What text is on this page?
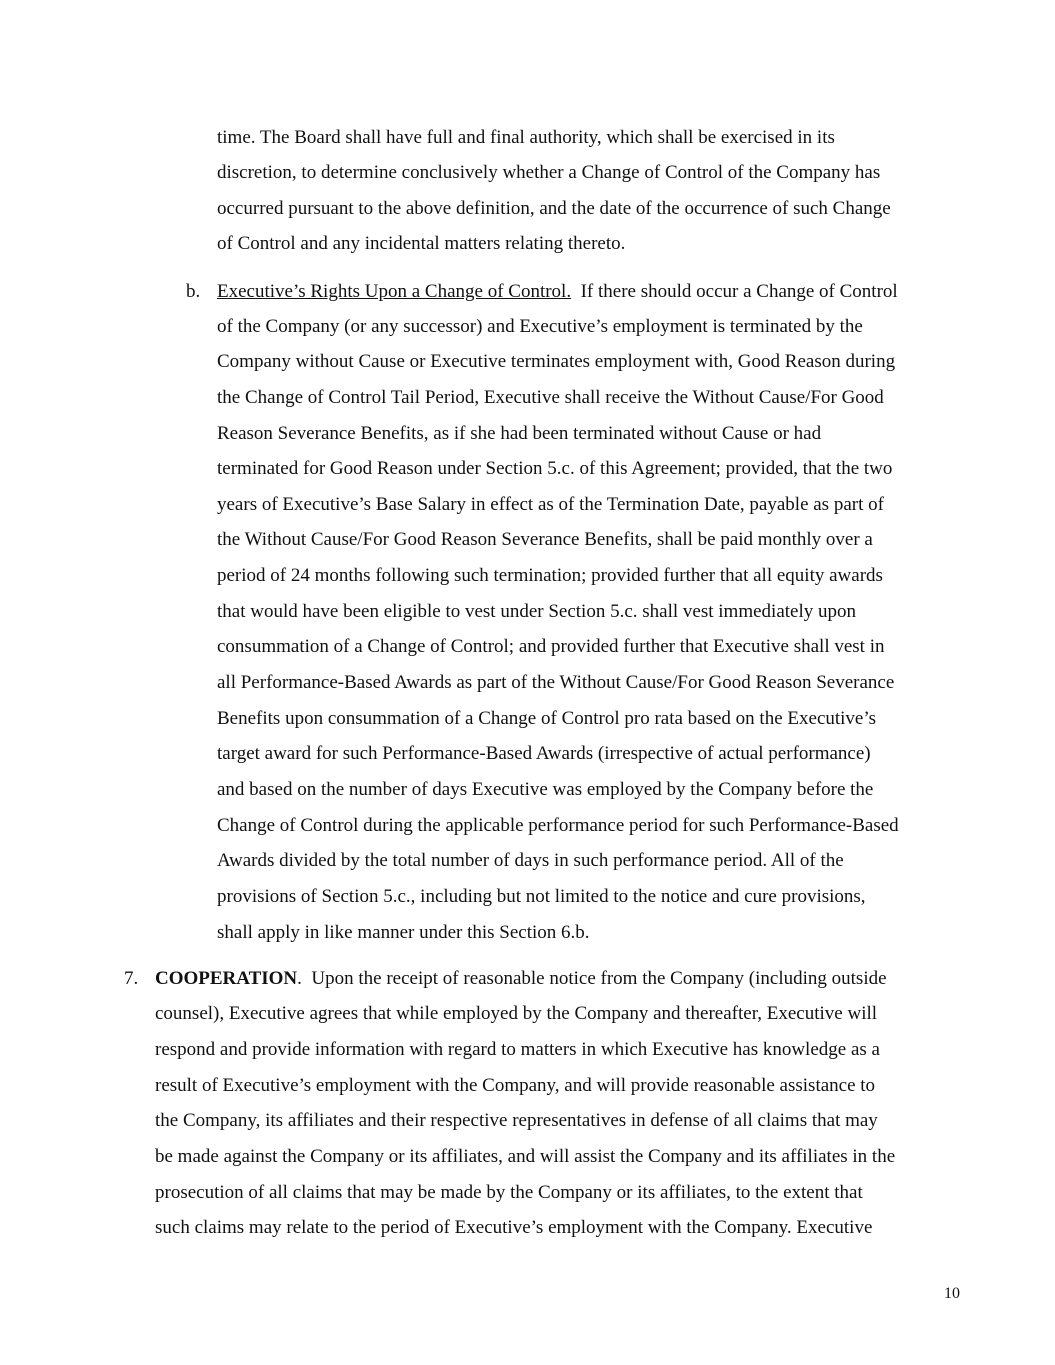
time. The Board shall have full and final authority, which shall be exercised in its
discretion, to determine conclusively whether a Change of Control of the Company has
occurred pursuant to the above definition, and the date of the occurrence of such Change
of Control and any incidental matters relating thereto.
b. Executive’s Rights Upon a Change of Control.  If there should occur a Change of Control
of the Company (or any successor) and Executive’s employment is terminated by the
Company without Cause or Executive terminates employment with, Good Reason during
the Change of Control Tail Period, Executive shall receive the Without Cause/For Good
Reason Severance Benefits, as if she had been terminated without Cause or had
terminated for Good Reason under Section 5.c. of this Agreement; provided, that the two
years of Executive’s Base Salary in effect as of the Termination Date, payable as part of
the Without Cause/For Good Reason Severance Benefits, shall be paid monthly over a
period of 24 months following such termination; provided further that all equity awards
that would have been eligible to vest under Section 5.c. shall vest immediately upon
consummation of a Change of Control; and provided further that Executive shall vest in
all Performance-Based Awards as part of the Without Cause/For Good Reason Severance
Benefits upon consummation of a Change of Control pro rata based on the Executive’s
target award for such Performance-Based Awards (irrespective of actual performance)
and based on the number of days Executive was employed by the Company before the
Change of Control during the applicable performance period for such Performance-Based
Awards divided by the total number of days in such performance period. All of the
provisions of Section 5.c., including but not limited to the notice and cure provisions,
shall apply in like manner under this Section 6.b.
7. COOPERATION.  Upon the receipt of reasonable notice from the Company (including outside
counsel), Executive agrees that while employed by the Company and thereafter, Executive will
respond and provide information with regard to matters in which Executive has knowledge as a
result of Executive’s employment with the Company, and will provide reasonable assistance to
the Company, its affiliates and their respective representatives in defense of all claims that may
be made against the Company or its affiliates, and will assist the Company and its affiliates in the
prosecution of all claims that may be made by the Company or its affiliates, to the extent that
such claims may relate to the period of Executive’s employment with the Company. Executive
10
